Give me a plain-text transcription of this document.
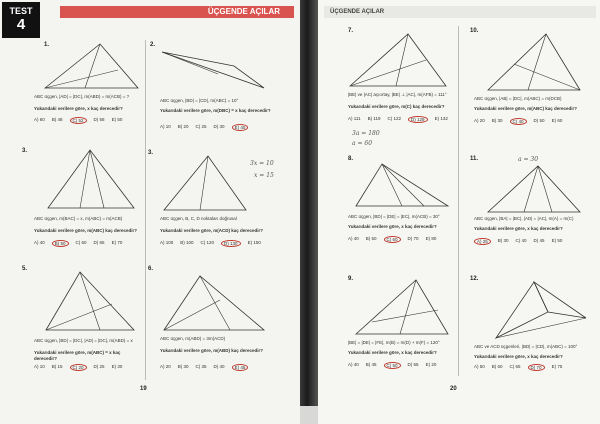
TEST
4
ÜÇGENDE AÇILAR
1.
ABC üçgen, |AD| = |DC|, m(ABD) = m(ACB) = ?
Yukarıdaki verilere göre, x kaç derecedir?
A) 60 B) 48	C) 52	D) 58 E) 50
2.
ABC üçgen, |BD| = |CD|, m(ABC) = 10°
Yukarıdaki verilere göre, m(DBC) = x kaç derecedir?
A) 10 B) 20 C) 25 D) 30	E) 40
3.
ABC üçgen, m(BAC) = x, m(ABC) = m(ACB)
Yukarıdaki verilere göre, m(ABC) kaç derecedir?
A) 40	B) 50	C) 60 D) 65 E) 70
3.
3x = 10
x = 15
ABC üçgen, B, C, D noktaları doğrusal
Yukarıdaki verilere göre, m(ACD) kaç derecedir?
A) 100 B) 100 C) 120	D) 130	E) 150
5.
ABC üçgen, |BD| = |DC|, |AD| = |DC|, m(ABD) = x
Yukarıdaki verilere göre, m(ABC) = x kaç derecedir?
A) 10 B) 15	C) 20	D) 25 E) 30
6.
ABC üçgen, m(ABD) = 3m(ACD)
Yukarıdaki verilere göre, m(ABD) kaç derecedir?
A) 20 B) 30 C) 35 D) 40	E) 45
19
ÜÇGENDE AÇILAR
7.
|BE| ve |AC| açıortay, |BE| ⊥ |AC|, m(AFB) = 111°
Yukarıdaki verilere göre, m(C) kaç derecedir?
A) 111 B) 119 C) 122	D) 129	E) 132
3a = 180
a = 60
10.
ABC üçgen, |AB| = |DC|, m(ABC) = m(DCB)
Yukarıdaki verilere göre, m(ABC) kaç derecedir?
A) 20 B) 30	C) 40	D) 50 E) 60
8.
ABC üçgen, |BD| = |DE| = |EC|, m(ACB) = 30°
Yukarıdaki verilere göre, x kaç derecedir?
A) 40 B) 50	C) 60	D) 70 E) 80
11.	a = 30
ABC üçgen, |BA| = |BC|, |AD| = |AC|, m(A) = m(C)
Yukarıdaki verilere göre, x kaç derecedir?
A) 25	B) 30 C) 40 D) 45 E) 50
9.
|BE| = |DE| = |FE|, m(B) = m(D) + m(F) = 120°
Yukarıdaki verilere göre, x kaç derecedir?
A) 40 B) 45	C) 50	D) 55 E) 20
12.
ABC ve ACD üçgenleri, |BD| = |CD|, m(ABC) = 100°
Yukarıdaki verilere göre, x kaç derecedir?
A) 50 B) 60 C) 65	D) 70	E) 75
20
